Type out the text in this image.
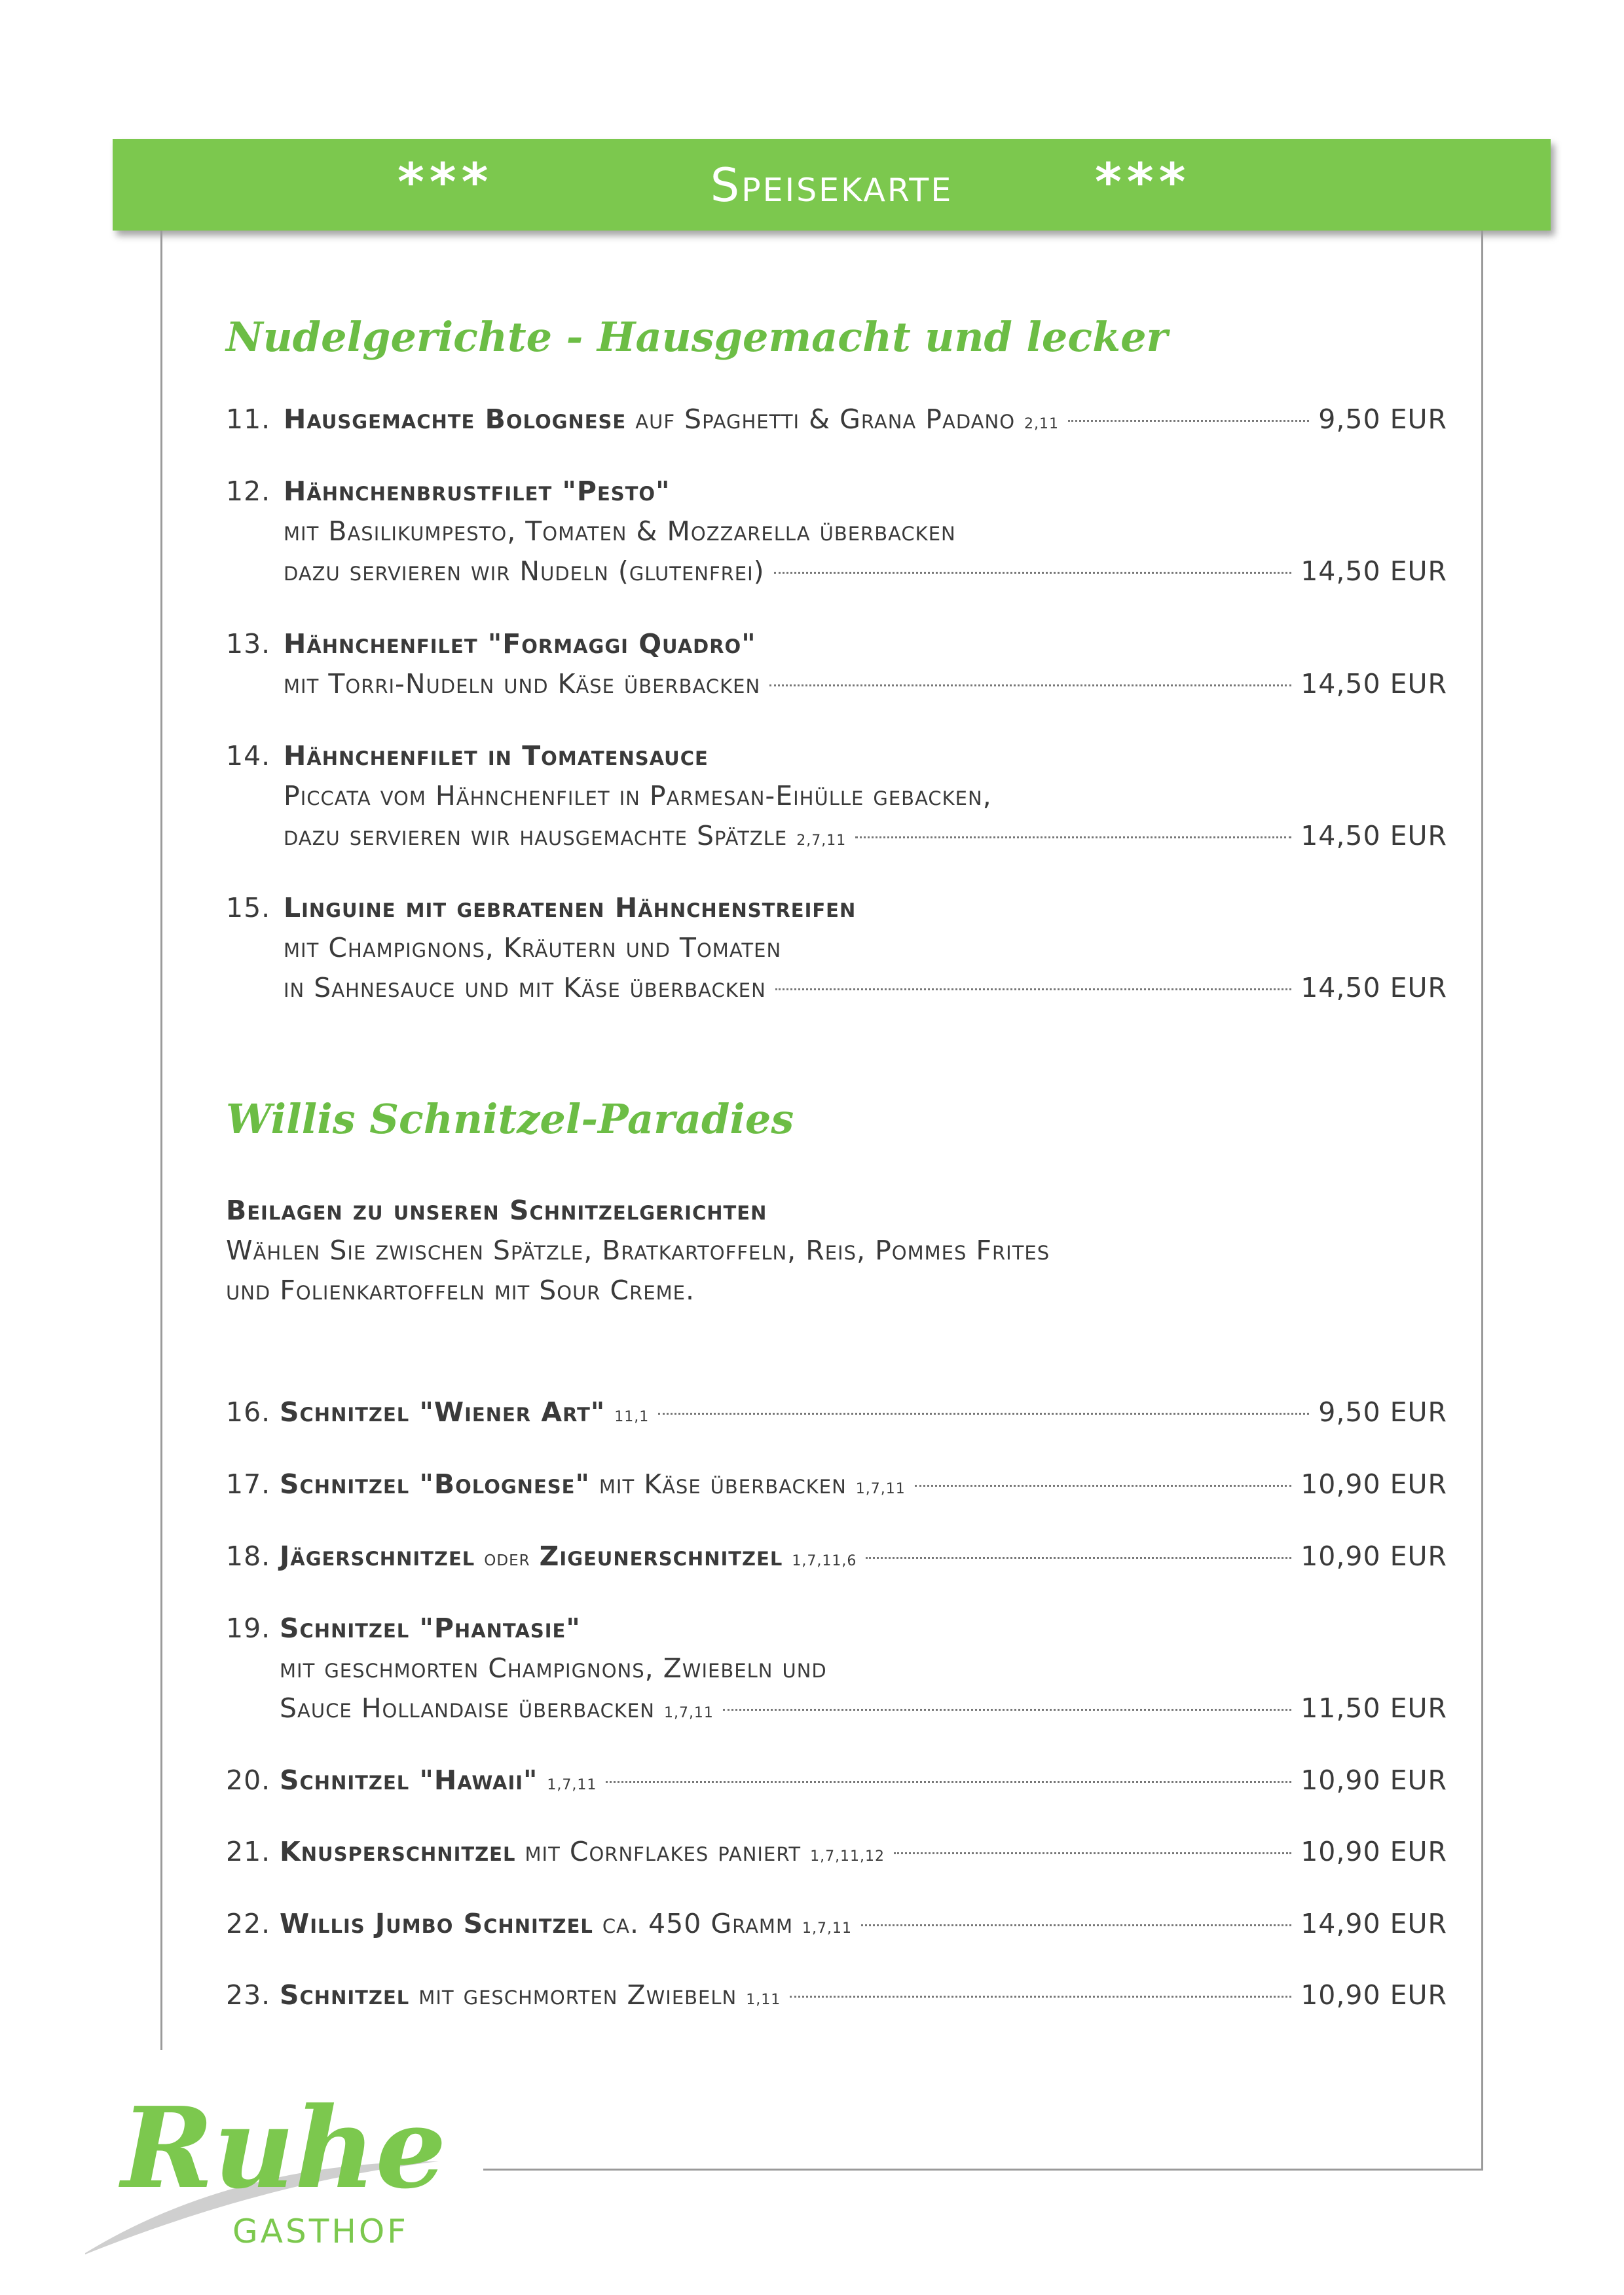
***	Speisekarte	***
Nudelgerichte - Hausgemacht und lecker
11. Hausgemachte Bolognese
auf Spaghetti & Grana Padano 2,11	9,50 EUR
12. Hähnchenbrustfilet "Pesto"
mit Basilikumpesto, Tomaten & Mozzarella überbacken
dazu servieren wir Nudeln (glutenfrei)	14,50 EUR
13. Hähnchenfilet "Formaggi Quadro"
mit Torri-Nudeln und Käse überbacken	14,50 EUR
14. Hähnchenfilet in Tomatensauce
Piccata vom Hähnchenfilet in Parmesan-Eihülle gebacken,
dazu servieren wir hausgemachte Spätzle 2,7,11	14,50 EUR
15. Linguine mit gebratenen Hähnchenstreifen
mit Champignons, Kräutern und Tomaten
in Sahnesauce und mit Käse überbacken	14,50 EUR
Willis Schnitzel-Paradies
Beilagen zu unseren Schnitzelgerichten
Wählen Sie zwischen Spätzle, Bratkartoffeln, Reis, Pommes Frites
und Folienkartoffeln mit Sour Creme.
16. Schnitzel "Wiener Art" 11,1	9,50 EUR
17. Schnitzel "Bolognese"
mit Käse überbacken 1,7,11	10,90 EUR
18. Jägerschnitzel
oder
Zigeunerschnitzel 1,7,11,6	10,90 EUR
19. Schnitzel "Phantasie"
mit geschmorten Champignons, Zwiebeln und
Sauce Hollandaise überbacken 1,7,11	11,50 EUR
20. Schnitzel "Hawaii" 1,7,11	10,90 EUR
21. Knusperschnitzel
mit Cornflakes paniert 1,7,11,12	10,90 EUR
22. Willis Jumbo Schnitzel
ca. 450 Gramm 1,7,11	14,90 EUR
23. Schnitzel
mit geschmorten Zwiebeln 1,11	10,90 EUR
Ruhe
GASTHOF
